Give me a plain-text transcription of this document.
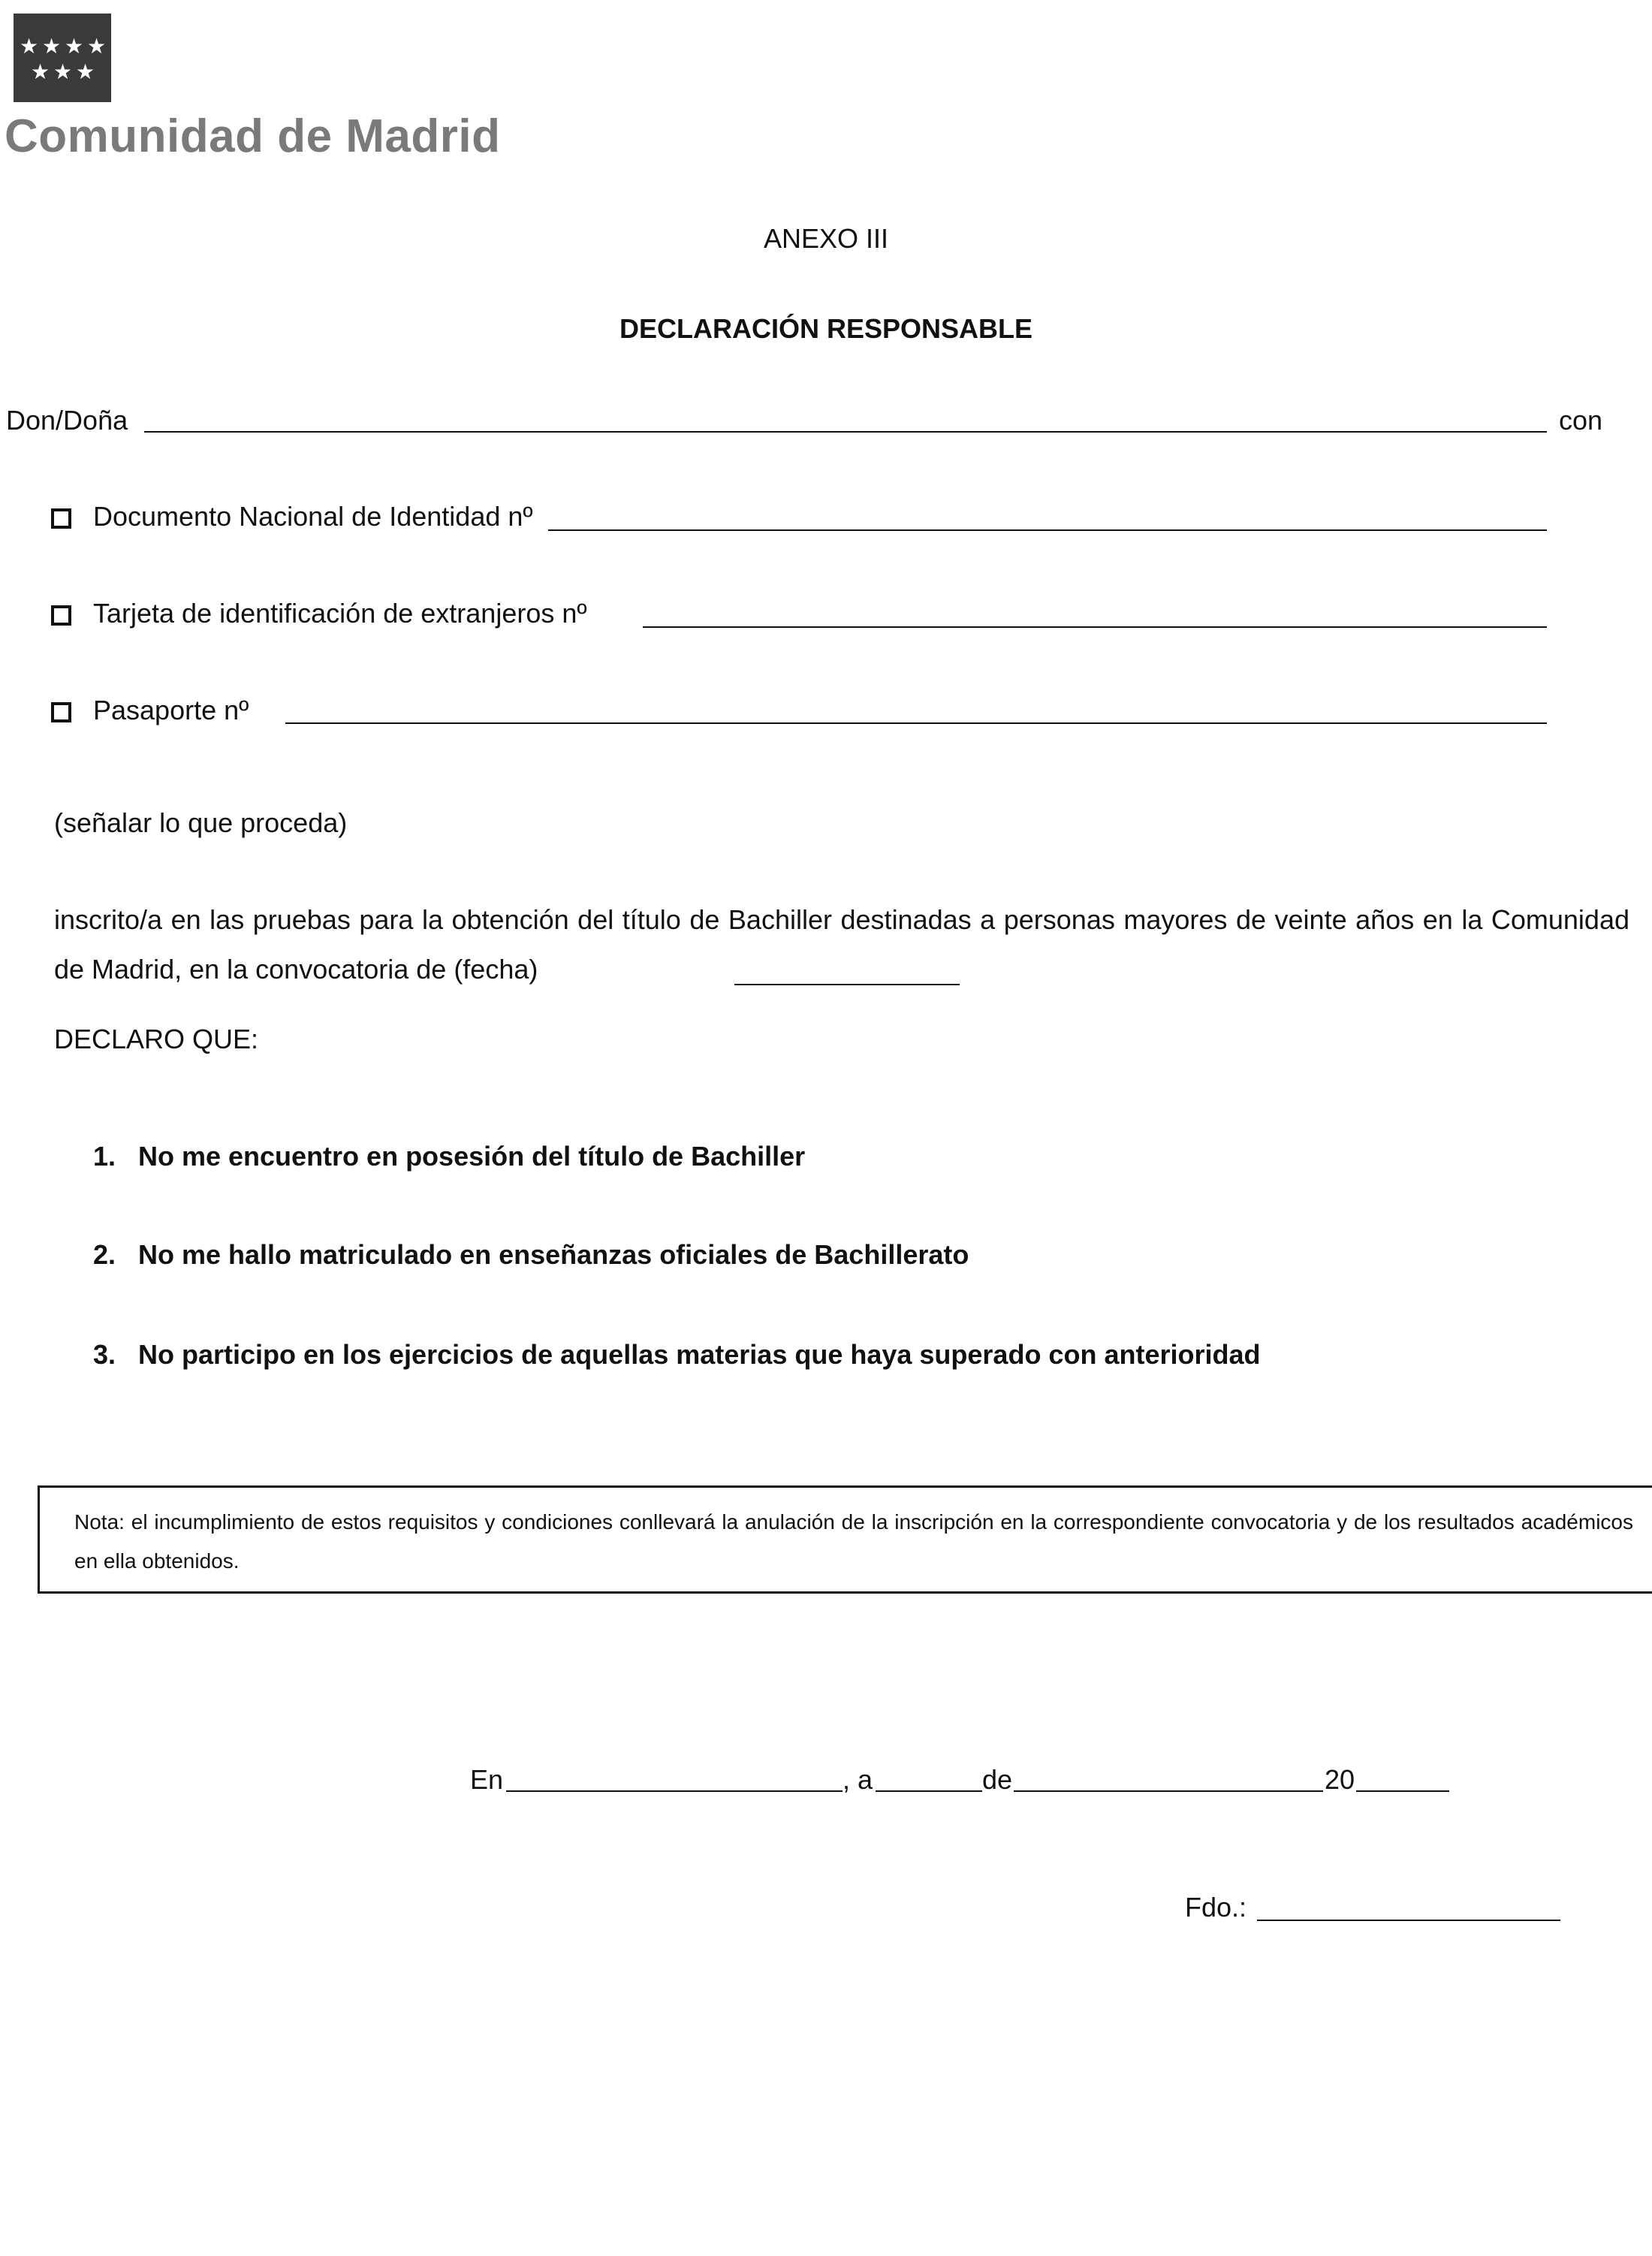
★ ★ ★ ★
★ ★ ★
Comunidad de Madrid
ANEXO III
DECLARACIÓN RESPONSABLE
Don/Doña	con
Documento Nacional de Identidad nº
Tarjeta de identificación de extranjeros nº
Pasaporte nº
(señalar lo que proceda)
inscrito/a en las pruebas para la obtención del título de Bachiller destinadas a personas mayores de veinte años en la Comunidad de Madrid, en la convocatoria de (fecha)
DECLARO QUE:
1. No me encuentro en posesión del título de Bachiller
2. No me hallo matriculado en enseñanzas oficiales de Bachillerato
3. No participo en los ejercicios de aquellas materias que haya superado con anterioridad
Nota: el incumplimiento de estos requisitos y condiciones conllevará la anulación de la inscripción en la correspondiente convocatoria y de los resultados académicos en ella obtenidos.
En	, a	de	20
Fdo.:
